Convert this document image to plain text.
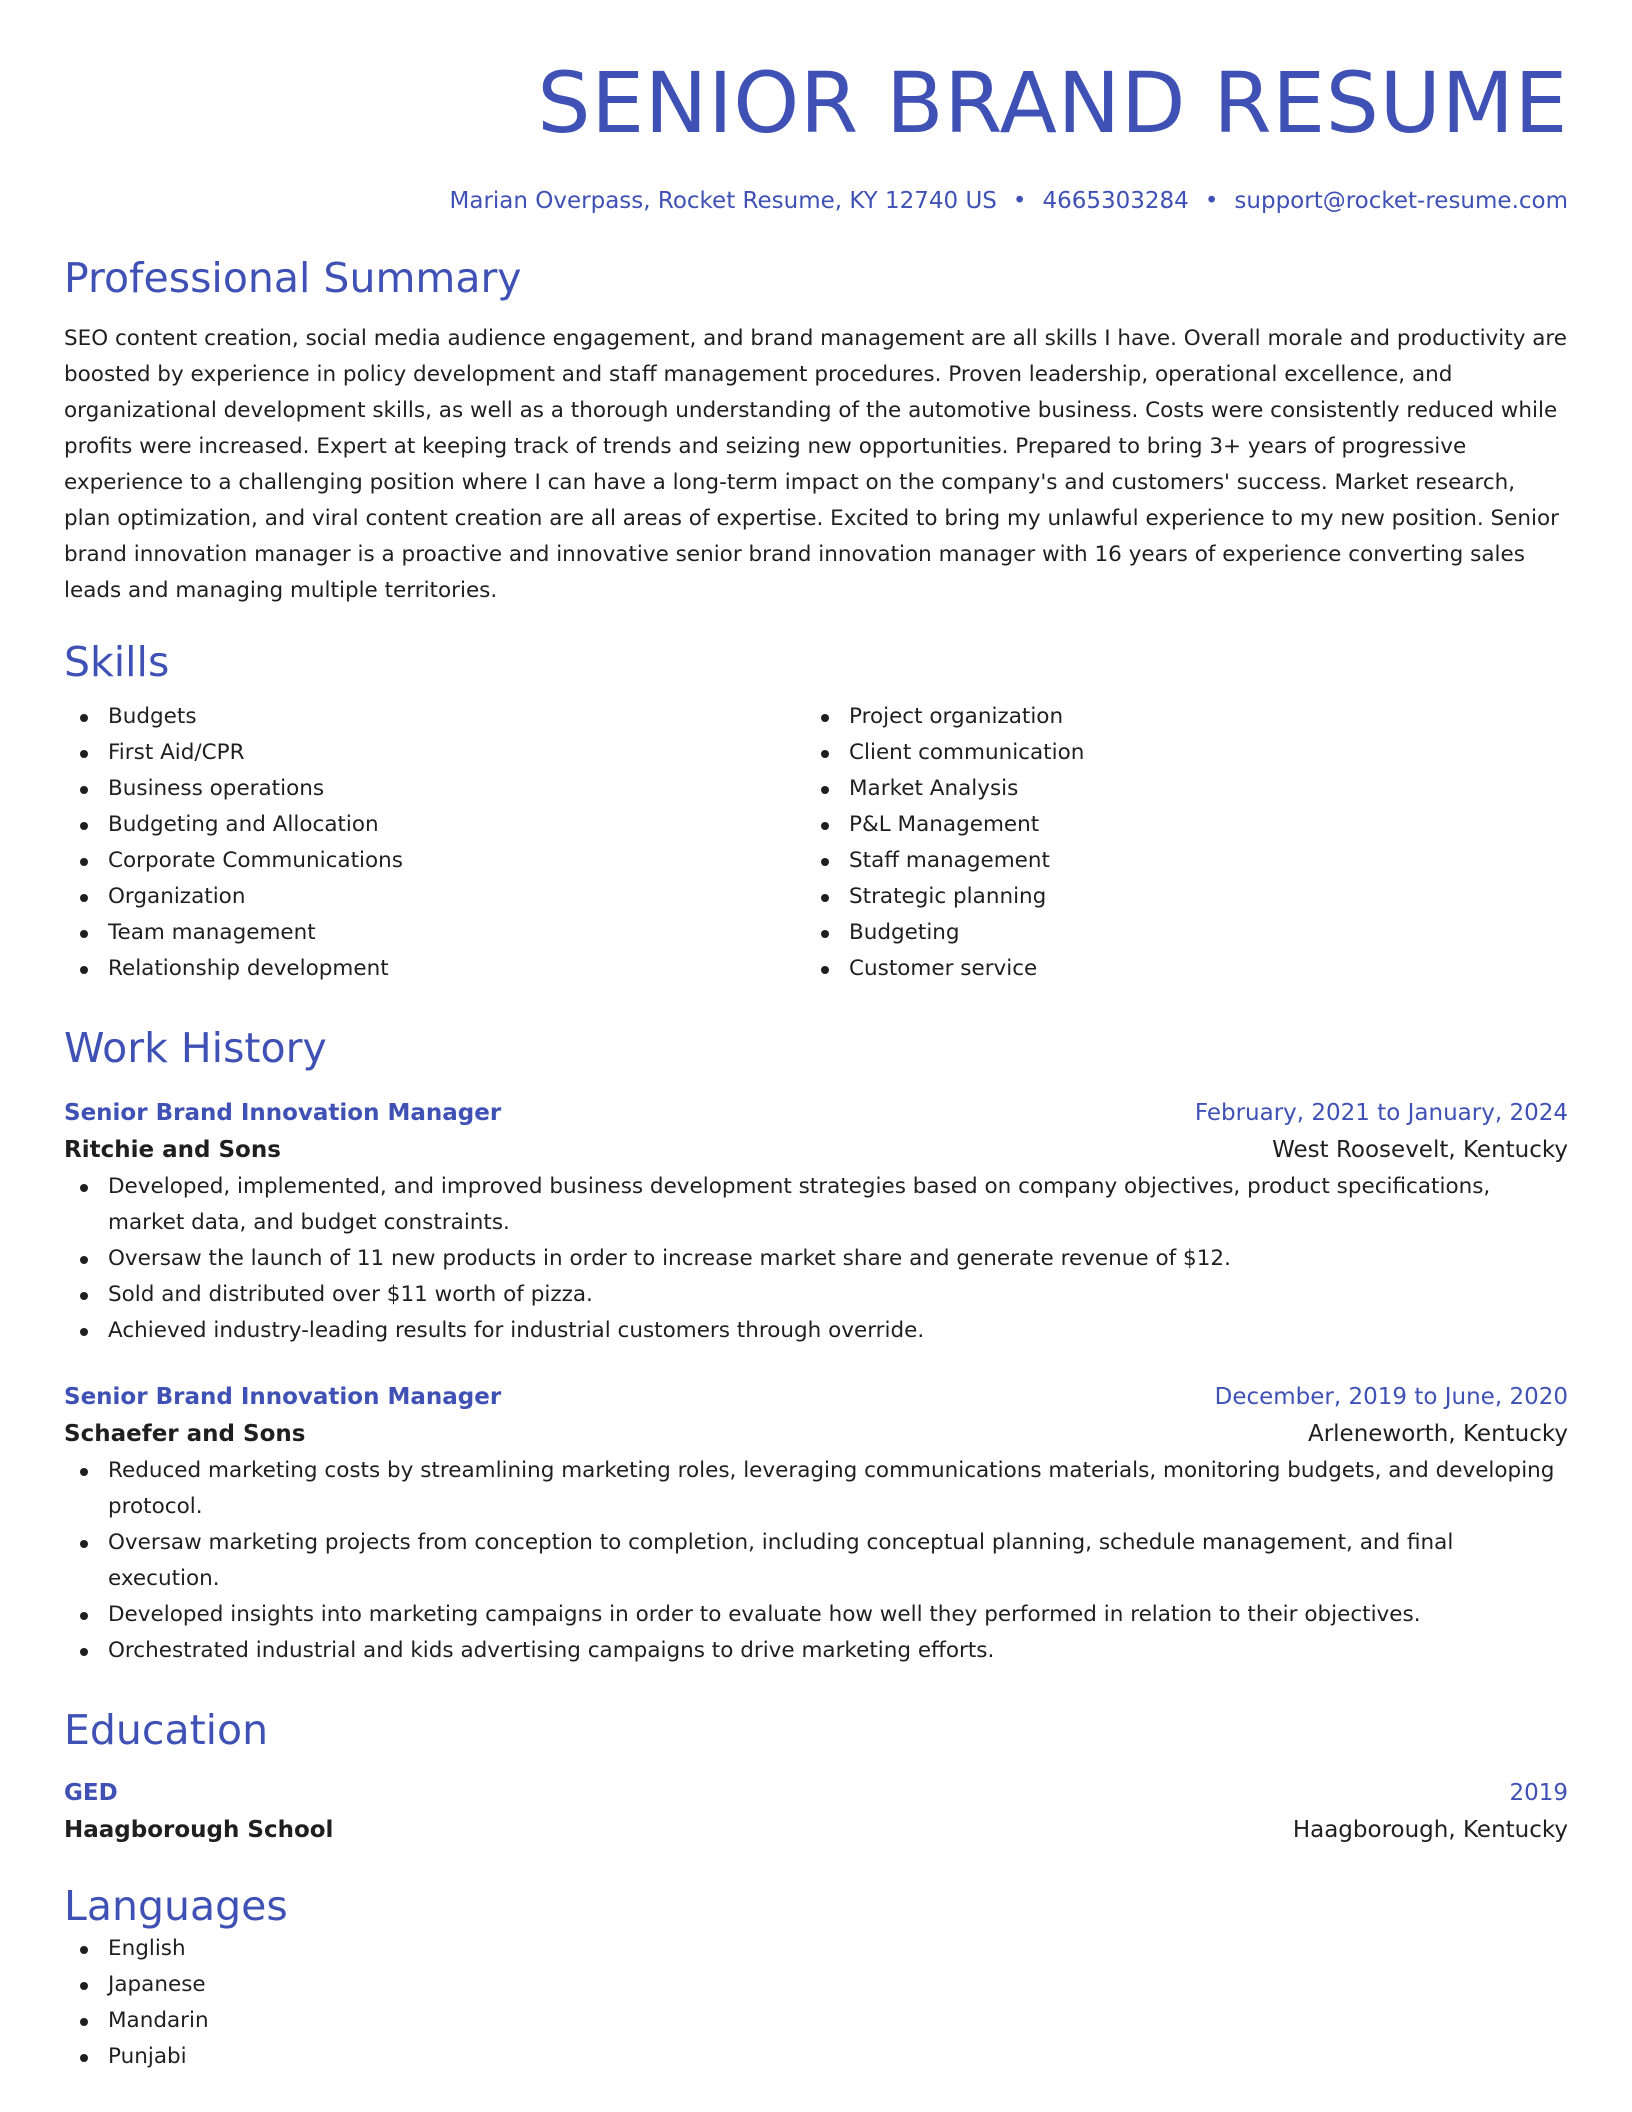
SENIOR BRAND RESUME
Marian Overpass, Rocket Resume, KY 12740 US • 4665303284 • support@rocket-resume.com
Professional Summary

SEO content creation, social media audience engagement, and brand management are all skills I have. Overall morale and productivity are boosted by experience in policy development and staff management procedures. Proven leadership, operational excellence, and organizational development skills, as well as a thorough understanding of the automotive business. Costs were consistently reduced while profits were increased. Expert at keeping track of trends and seizing new opportunities. Prepared to bring 3+ years of progressive experience to a challenging position where I can have a long-term impact on the company's and customers' success. Market research, plan optimization, and viral content creation are all areas of expertise. Excited to bring my unlawful experience to my new position. Senior brand innovation manager is a proactive and innovative senior brand innovation manager with 16 years of experience converting sales leads and managing multiple territories.

Skills
Budgets
First Aid/CPR
Business operations
Budgeting and Allocation
Corporate Communications
Organization
Team management
Relationship development
Project organization
Client communication
Market Analysis
P&L Management
Staff management
Strategic planning
Budgeting
Customer service
Work History
Senior Brand Innovation Manager	February, 2021 to January, 2024
Ritchie and Sons	West Roosevelt, Kentucky
Developed, implemented, and improved business development strategies based on company objectives, product specifications, market data, and budget constraints.
Oversaw the launch of 11 new products in order to increase market share and generate revenue of $12.
Sold and distributed over $11 worth of pizza.
Achieved industry-leading results for industrial customers through override.
Senior Brand Innovation Manager	December, 2019 to June, 2020
Schaefer and Sons	Arleneworth, Kentucky
Reduced marketing costs by streamlining marketing roles, leveraging communications materials, monitoring budgets, and developing protocol.
Oversaw marketing projects from conception to completion, including conceptual planning, schedule management, and final execution.
Developed insights into marketing campaigns in order to evaluate how well they performed in relation to their objectives.
Orchestrated industrial and kids advertising campaigns to drive marketing efforts.
Education
GED	2019
Haagborough School	Haagborough, Kentucky
Languages
English
Japanese
Mandarin
Punjabi
